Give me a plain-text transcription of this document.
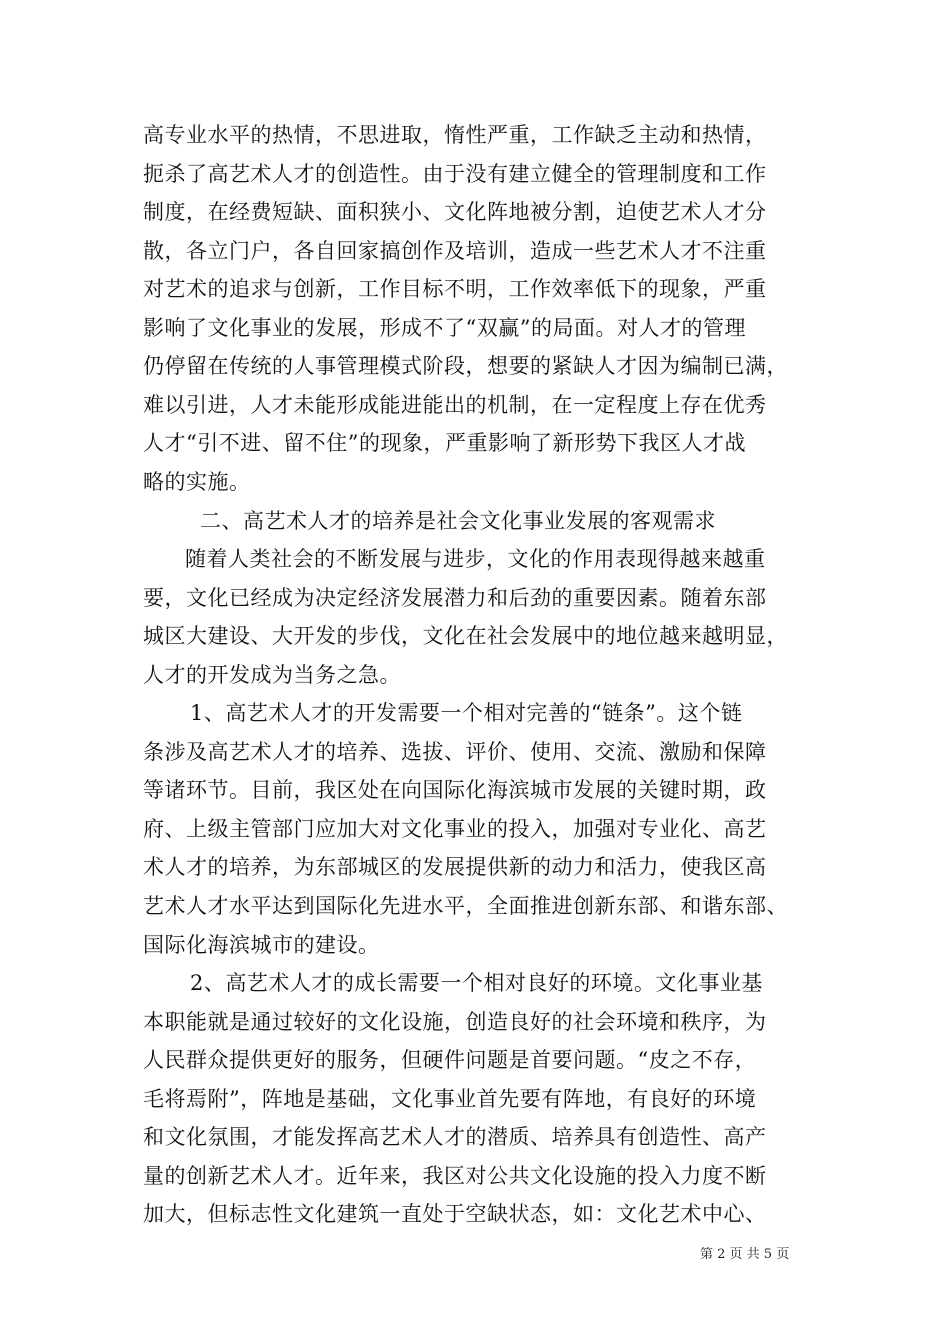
高专业水平的热情，不思进取，惰性严重，工作缺乏主动和热情，
扼杀了高艺术人才的创造性。由于没有建立健全的管理制度和工作
制度，在经费短缺、面积狭小、文化阵地被分割，迫使艺术人才分
散，各立门户，各自回家搞创作及培训，造成一些艺术人才不注重
对艺术的追求与创新，工作目标不明，工作效率低下的现象，严重
影响了文化事业的发展，形成不了“双赢”的局面。对人才的管理
仍停留在传统的人事管理模式阶段，想要的紧缺人才因为编制已满，
难以引进，人才未能形成能进能出的机制，在一定程度上存在优秀
人才“引不进、留不住”的现象，严重影响了新形势下我区人才战
略的实施。
二、高艺术人才的培养是社会文化事业发展的客观需求
随着人类社会的不断发展与进步，文化的作用表现得越来越重
要，文化已经成为决定经济发展潜力和后劲的重要因素。随着东部
城区大建设、大开发的步伐，文化在社会发展中的地位越来越明显，
人才的开发成为当务之急。
1、高艺术人才的开发需要一个相对完善的“链条”。这个链
条涉及高艺术人才的培养、选拔、评价、使用、交流、激励和保障
等诸环节。目前，我区处在向国际化海滨城市发展的关键时期，政
府、上级主管部门应加大对文化事业的投入，加强对专业化、高艺
术人才的培养，为东部城区的发展提供新的动力和活力，使我区高
艺术人才水平达到国际化先进水平，全面推进创新东部、和谐东部、
国际化海滨城市的建设。
2、高艺术人才的成长需要一个相对良好的环境。文化事业基
本职能就是通过较好的文化设施，创造良好的社会环境和秩序，为
人民群众提供更好的服务，但硬件问题是首要问题。“皮之不存，
毛将焉附”，阵地是基础，文化事业首先要有阵地，有良好的环境
和文化氛围，才能发挥高艺术人才的潜质、培养具有创造性、高产
量的创新艺术人才。近年来，我区对公共文化设施的投入力度不断
加大，但标志性文化建筑一直处于空缺状态，如：文化艺术中心、
第 2 页 共 5 页
